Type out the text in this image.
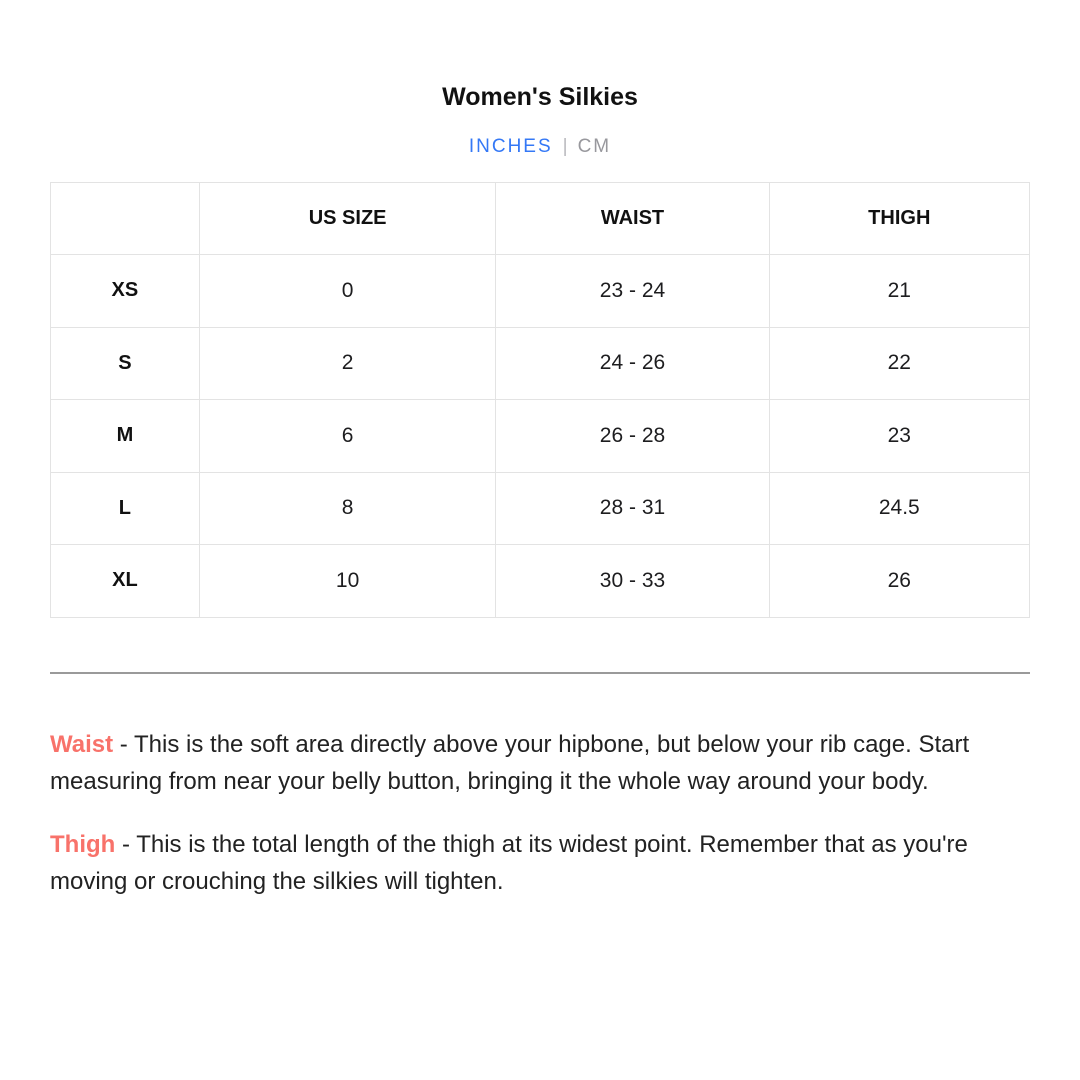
Women's Silkies
INCHES | CM
	US SIZE	WAIST	THIGH
XS	0	23 - 24	21
S	2	24 - 26	22
M	6	26 - 28	23
L	8	28 - 31	24.5
XL	10	30 - 33	26

Waist - This is the soft area directly above your hipbone, but below your rib cage. Start measuring from near your belly button, bringing it the whole way around your body.

Thigh - This is the total length of the thigh at its widest point. Remember that as you're moving or crouching the silkies will tighten.
